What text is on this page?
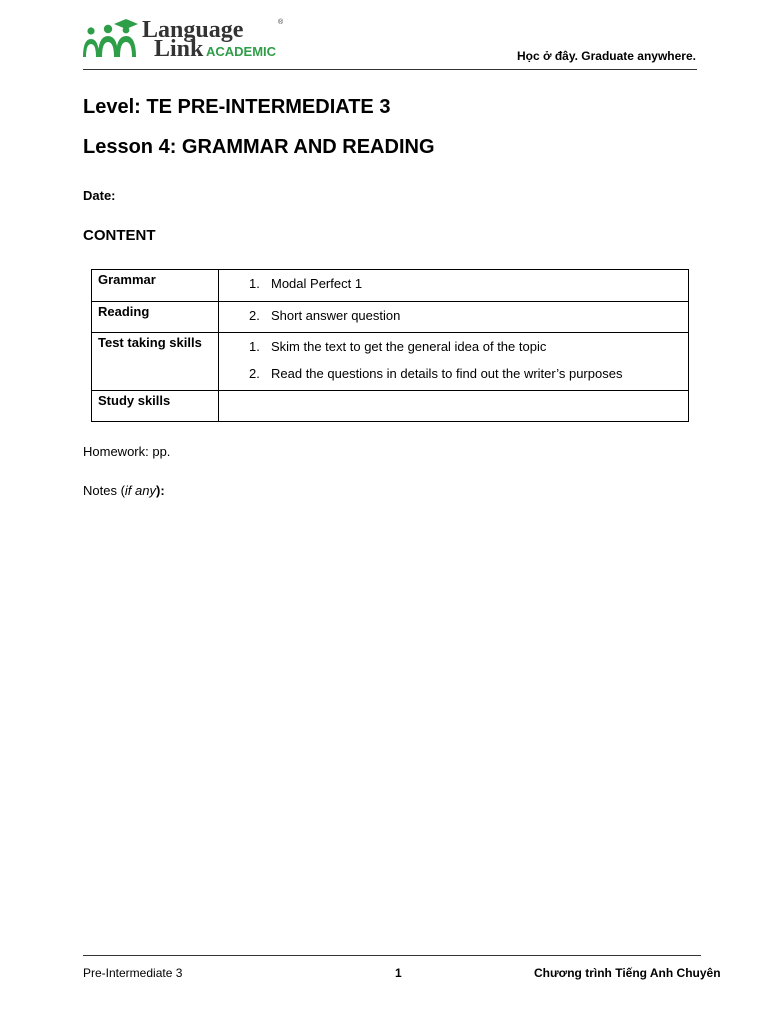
Language	®
Link ACADEMIC	Học ở đây. Graduate anywhere.
Level: TE PRE-INTERMEDIATE 3
Lesson 4: GRAMMAR AND READING
Date:
CONTENT
Grammar	1. Modal Perfect 1

Reading	2. Short answer question

Test taking skills	1. Skim the text to get the general idea of the topic
2. Read the questions in details to find out the writer’s purposes

Study skills	
Homework: pp.
Notes (if any):
Pre-Intermediate 3	1	Chương trình Tiếng Anh Chuyên
